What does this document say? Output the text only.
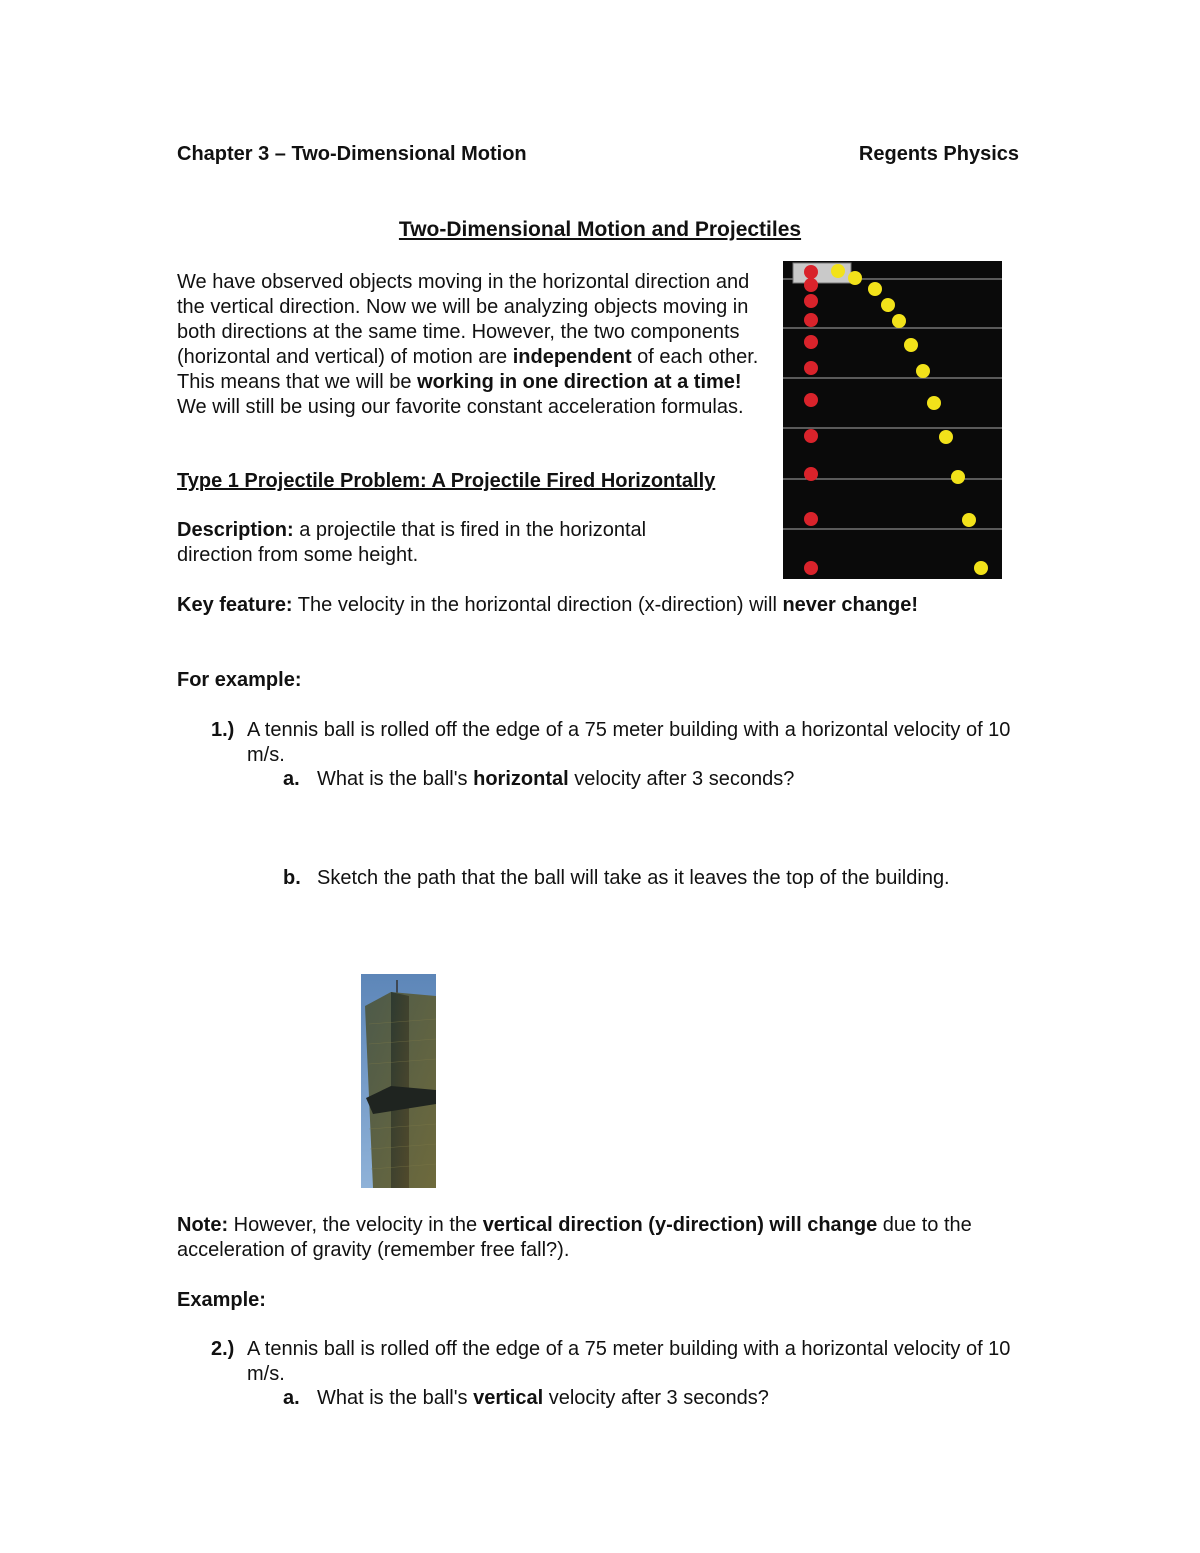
Chapter 3 – Two-Dimensional Motion	Regents Physics
Two-Dimensional Motion and Projectiles
We have observed objects moving in the horizontal direction and the vertical direction. Now we will be analyzing objects moving in both directions at the same time. However, the two components (horizontal and vertical) of motion are independent of each other. This means that we will be working in one direction at a time! We will still be using our favorite constant acceleration formulas.
Type 1 Projectile Problem: A Projectile Fired Horizontally
Description: a projectile that is fired in the horizontal direction from some height.
Key feature: The velocity in the horizontal direction (x-direction) will never change!
For example:
1.) A tennis ball is rolled off the edge of a 75 meter building with a horizontal velocity of 10 m/s.
a. What is the ball's horizontal velocity after 3 seconds?
b. Sketch the path that the ball will take as it leaves the top of the building.
Note: However, the velocity in the vertical direction (y-direction) will change due to the acceleration of gravity (remember free fall?).
Example:
2.) A tennis ball is rolled off the edge of a 75 meter building with a horizontal velocity of 10 m/s.
a. What is the ball's vertical velocity after 3 seconds?
